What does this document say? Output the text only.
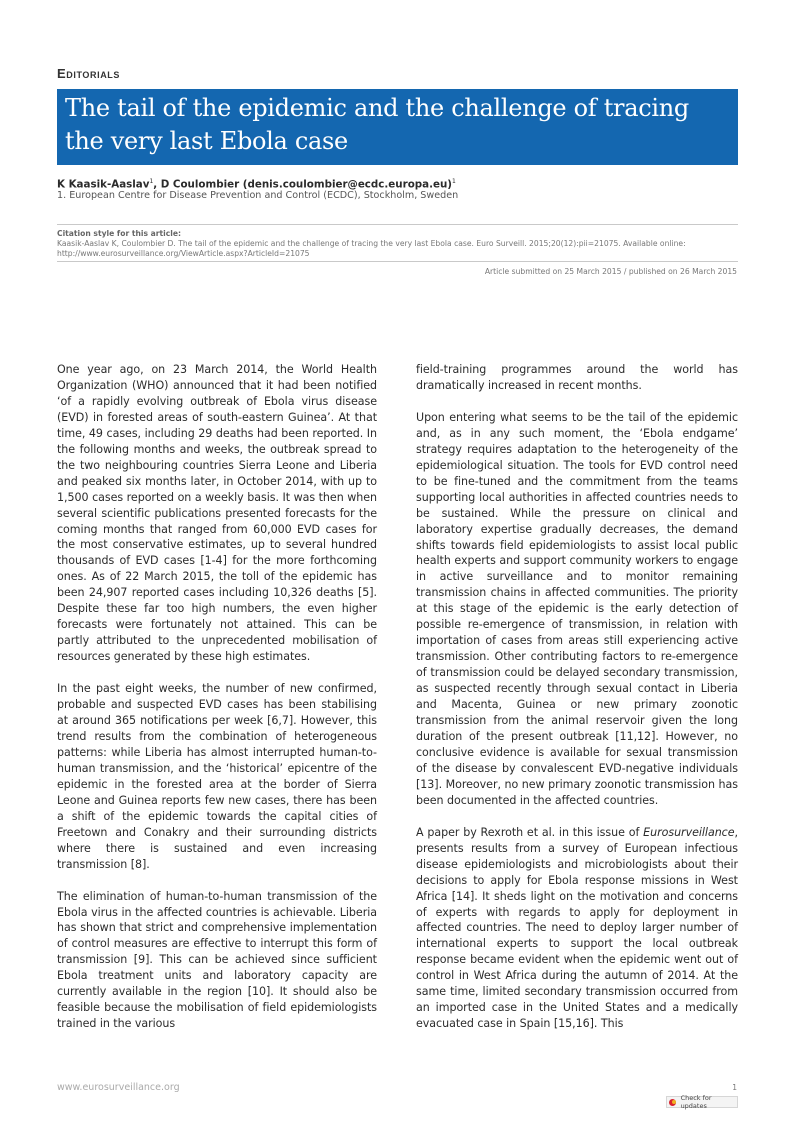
Editorials
The tail of the epidemic and the challenge of tracing the very last Ebola case
K Kaasik-Aaslav$^1$, D Coulombier (denis.coulombier@ecdc.europa.eu)$^1$
1. European Centre for Disease Prevention and Control (ECDC), Stockholm, Sweden
Citation style for this article:
Kaasik-Aaslav K, Coulombier D. The tail of the epidemic and the challenge of tracing the very last Ebola case. Euro Surveill. 2015;20(12):pii=21075. Available online: http://www.eurosurveillance.org/ViewArticle.aspx?ArticleId=21075
Article submitted on 25 March 2015 / published on 26 March 2015

One year ago, on 23 March 2014, the World Health Organization (WHO) announced that it had been notified ‘of a rapidly evolving outbreak of Ebola virus disease (EVD) in forested areas of south-eastern Guinea’. At that time, 49 cases, including 29 deaths had been reported. In the following months and weeks, the outbreak spread to the two neighbouring countries Sierra Leone and Liberia and peaked six months later, in October 2014, with up to 1,500 cases reported on a weekly basis. It was then when several scientific publications presented forecasts for the coming months that ranged from 60,000 EVD cases for the most conservative estimates, up to several hundred thousands of EVD cases [1-4] for the more forthcoming ones. As of 22 March 2015, the toll of the epidemic has been 24,907 reported cases including 10,326 deaths [5]. Despite these far too high numbers, the even higher forecasts were fortunately not attained. This can be partly attributed to the unprecedented mobilisation of resources generated by these high estimates.

In the past eight weeks, the number of new confirmed, probable and suspected EVD cases has been stabilising at around 365 notifications per week [6,7]. However, this trend results from the combination of heterogeneous patterns: while Liberia has almost interrupted human-to-human transmission, and the ‘historical’ epicentre of the epidemic in the forested area at the border of Sierra Leone and Guinea reports few new cases, there has been a shift of the epidemic towards the capital cities of Freetown and Conakry and their surrounding districts where there is sustained and even increasing transmission [8].

The elimination of human-to-human transmission of the Ebola virus in the affected countries is achievable. Liberia has shown that strict and comprehensive implementation of control measures are effective to interrupt this form of transmission [9]. This can be achieved since sufficient Ebola treatment units and laboratory capacity are currently available in the region [10]. It should also be feasible because the mobilisation of field epidemiologists trained in the various

field-training programmes around the world has dramatically increased in recent months.

Upon entering what seems to be the tail of the epidemic and, as in any such moment, the ‘Ebola endgame’ strategy requires adaptation to the heterogeneity of the epidemiological situation. The tools for EVD control need to be fine-tuned and the commitment from the teams supporting local authorities in affected countries needs to be sustained. While the pressure on clinical and laboratory expertise gradually decreases, the demand shifts towards field epidemiologists to assist local public health experts and support community workers to engage in active surveillance and to monitor remaining transmission chains in affected communities. The priority at this stage of the epidemic is the early detection of possible re-emergence of transmission, in relation with importation of cases from areas still experiencing active transmission. Other contributing factors to re-emergence of transmission could be delayed secondary transmission, as suspected recently through sexual contact in Liberia and Macenta, Guinea or new primary zoonotic transmission from the animal reservoir given the long duration of the present outbreak [11,12]. However, no conclusive evidence is available for sexual transmission of the disease by convalescent EVD-negative individuals [13]. Moreover, no new primary zoonotic transmission has been documented in the affected countries.

A paper by Rexroth et al. in this issue of Eurosurveillance, presents results from a survey of European infectious disease epidemiologists and microbiologists about their decisions to apply for Ebola response missions in West Africa [14]. It sheds light on the motivation and concerns of experts with regards to apply for deployment in affected countries. The need to deploy larger number of international experts to support the local outbreak response became evident when the epidemic went out of control in West Africa during the autumn of 2014. At the same time, limited secondary transmission occurred from an imported case in the United States and a medically evacuated case in Spain [15,16]. This

www.eurosurveillance.org	1
Check for updates
